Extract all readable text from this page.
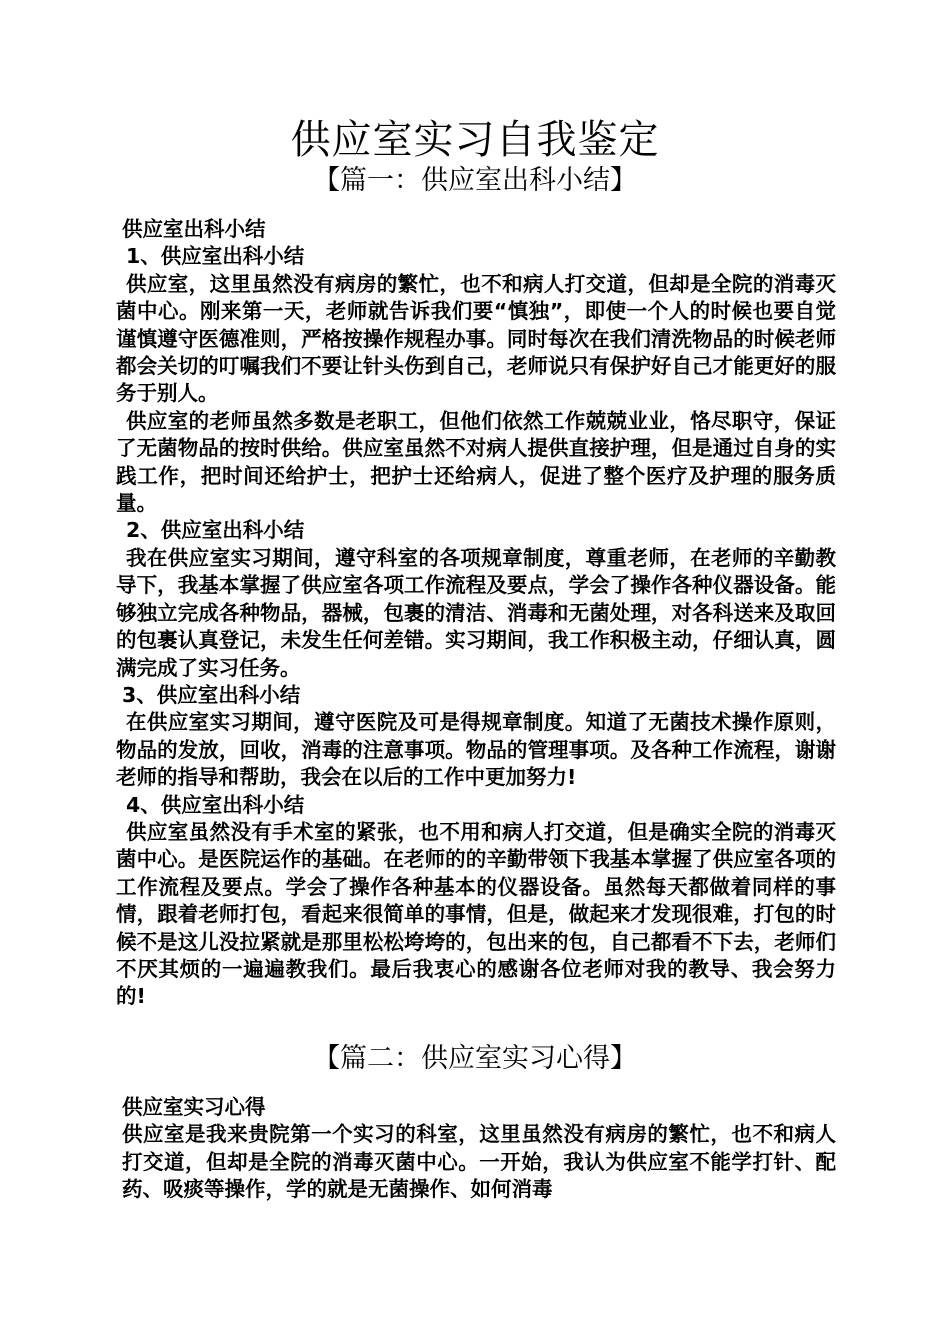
供应室实习自我鉴定
【篇一：供应室出科小结】

供应室出科小结

1、供应室出科小结

供应室，这里虽然没有病房的繁忙，也不和病人打交道，但却是全院的消毒灭菌中心。刚来第一天，老师就告诉我们要“慎独”，即使一个人的时候也要自觉谨慎遵守医德准则，严格按操作规程办事。同时每次在我们清洗物品的时候老师都会关切的叮嘱我们不要让针头伤到自己，老师说只有保护好自己才能更好的服务于别人。

供应室的老师虽然多数是老职工，但他们依然工作兢兢业业，恪尽职守，保证了无菌物品的按时供给。供应室虽然不对病人提供直接护理，但是通过自身的实践工作，把时间还给护士，把护士还给病人，促进了整个医疗及护理的服务质量。

2、供应室出科小结

我在供应室实习期间，遵守科室的各项规章制度，尊重老师，在老师的辛勤教导下，我基本掌握了供应室各项工作流程及要点，学会了操作各种仪器设备。能够独立完成各种物品，器械，包裹的清洁、消毒和无菌处理，对各科送来及取回的包裹认真登记，未发生任何差错。实习期间，我工作积极主动，仔细认真，圆满完成了实习任务。

3、供应室出科小结

在供应室实习期间，遵守医院及可是得规章制度。知道了无菌技术操作原则，物品的发放，回收，消毒的注意事项。物品的管理事项。及各种工作流程，谢谢老师的指导和帮助，我会在以后的工作中更加努力!

4、供应室出科小结

供应室虽然没有手术室的紧张，也不用和病人打交道，但是确实全院的消毒灭菌中心。是医院运作的基础。在老师的的辛勤带领下我基本掌握了供应室各项的工作流程及要点。学会了操作各种基本的仪器设备。虽然每天都做着同样的事情，跟着老师打包，看起来很简单的事情，但是，做起来才发现很难，打包的时候不是这儿没拉紧就是那里松松垮垮的，包出来的包，自己都看不下去，老师们不厌其烦的一遍遍教我们。最后我衷心的感谢各位老师对我的教导、我会努力的!

【篇二：供应室实习心得】

供应室实习心得

供应室是我来贵院第一个实习的科室，这里虽然没有病房的繁忙，也不和病人打交道，但却是全院的消毒灭菌中心。一开始，我认为供应室不能学打针、配药、吸痰等操作，学的就是无菌操作、如何消毒
